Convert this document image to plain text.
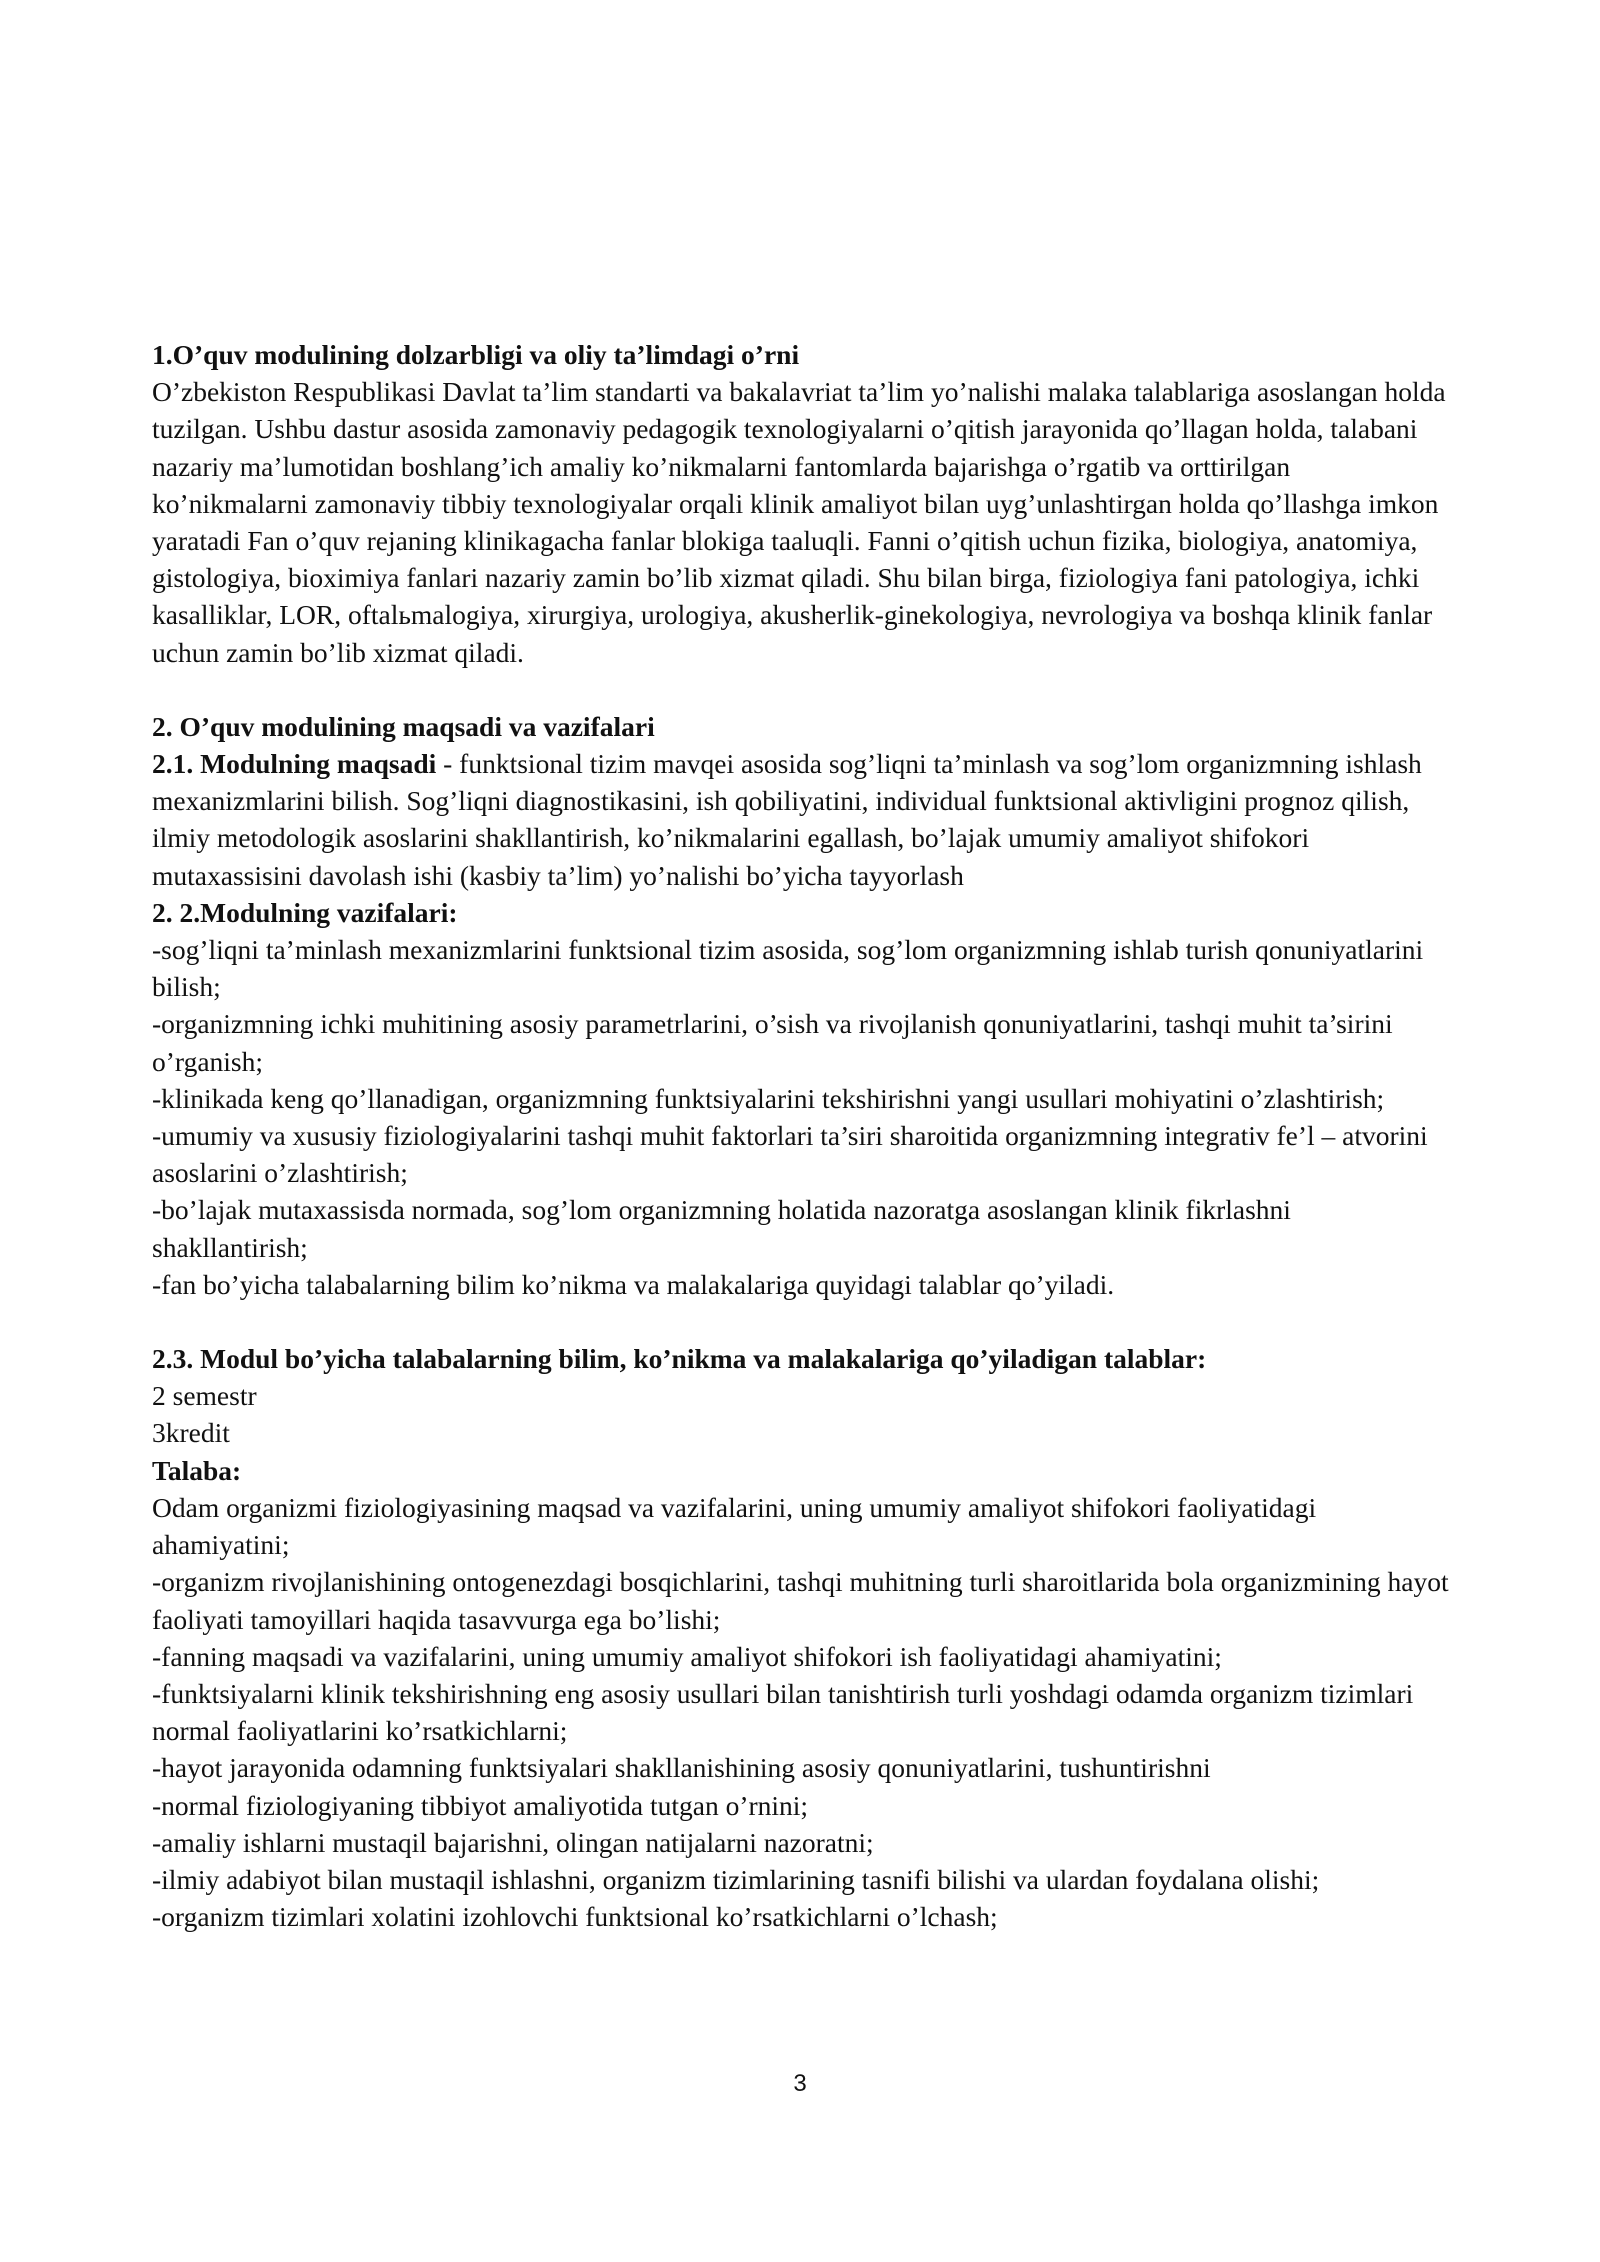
1.O’quv modulining dolzarbligi va oliy ta’limdagi o’rni

O’zbekiston Respublikasi Davlat ta’lim standarti va bakalavriat ta’lim yo’nalishi malaka talablariga asoslangan holda tuzilgan. Ushbu dastur asosida zamonaviy pedagogik texnologiyalarni o’qitish jarayonida qo’llagan holda, talabani nazariy ma’lumotidan boshlang’ich amaliy ko’nikmalarni fantomlarda bajarishga o’rgatib va orttirilgan ko’nikmalarni zamonaviy tibbiy texnologiyalar orqali klinik amaliyot bilan uyg’unlashtirgan holda qo’llashga imkon yaratadi Fan o’quv rejaning klinikagacha fanlar blokiga taaluqli. Fanni o’qitish uchun fizika, biologiya, anatomiya, gistologiya, bioximiya fanlari nazariy zamin bo’lib xizmat qiladi. Shu bilan birga, fiziologiya fani patologiya, ichki kasalliklar, LOR, oftalьmalogiya, xirurgiya, urologiya, akusherlik-ginekologiya, nevrologiya va boshqa klinik fanlar uchun zamin bo’lib xizmat qiladi.

2. O’quv modulining maqsadi va vazifalari

2.1. Modulning maqsadi - funktsional tizim mavqei asosida sog’liqni ta’minlash va sog’lom organizmning ishlash mexanizmlarini bilish. Sog’liqni diagnostikasini, ish qobiliyatini, individual funktsional aktivligini prognoz qilish, ilmiy metodologik asoslarini shakllantirish, ko’nikmalarini egallash, bo’lajak umumiy amaliyot shifokori mutaxassisini davolash ishi (kasbiy ta’lim) yo’nalishi bo’yicha tayyorlash

2. 2.Modulning vazifalari:

-sog’liqni ta’minlash mexanizmlarini funktsional tizim asosida, sog’lom organizmning ishlab turish qonuniyatlarini bilish;

-organizmning ichki muhitining asosiy parametrlarini, o’sish va rivojlanish qonuniyatlarini, tashqi muhit ta’sirini o’rganish;

-klinikada keng qo’llanadigan, organizmning funktsiyalarini tekshirishni yangi usullari mohiyatini o’zlashtirish;

-umumiy va xususiy fiziologiyalarini tashqi muhit faktorlari ta’siri sharoitida organizmning integrativ fe’l – atvorini asoslarini o’zlashtirish;

-bo’lajak mutaxassisda normada, sog’lom organizmning holatida nazoratga asoslangan klinik fikrlashni shakllantirish;

-fan bo’yicha talabalarning bilim ko’nikma va malakalariga quyidagi talablar qo’yiladi.

2.3. Modul bo’yicha talabalarning bilim, ko’nikma va malakalariga qo’yiladigan talablar:

2 semestr

3kredit

Talaba:

Odam organizmi fiziologiyasining maqsad va vazifalarini, uning umumiy amaliyot shifokori faoliyatidagi ahamiyatini;

-organizm rivojlanishining ontogenezdagi bosqichlarini, tashqi muhitning turli sharoitlarida bola organizmining hayot faoliyati tamoyillari haqida tasavvurga ega bo’lishi;

-fanning maqsadi va vazifalarini, uning umumiy amaliyot shifokori ish faoliyatidagi ahamiyatini;

-funktsiyalarni klinik tekshirishning eng asosiy usullari bilan tanishtirish turli yoshdagi odamda organizm tizimlari normal faoliyatlarini ko’rsatkichlarni;

-hayot jarayonida odamning funktsiyalari shakllanishining asosiy qonuniyatlarini, tushuntirishni

-normal fiziologiyaning tibbiyot amaliyotida tutgan o’rnini;

-amaliy ishlarni mustaqil bajarishni, olingan natijalarni nazoratni;

-ilmiy adabiyot bilan mustaqil ishlashni, organizm tizimlarining tasnifi bilishi va ulardan foydalana olishi;

-organizm tizimlari xolatini izohlovchi funktsional ko’rsatkichlarni o’lchash;

3
